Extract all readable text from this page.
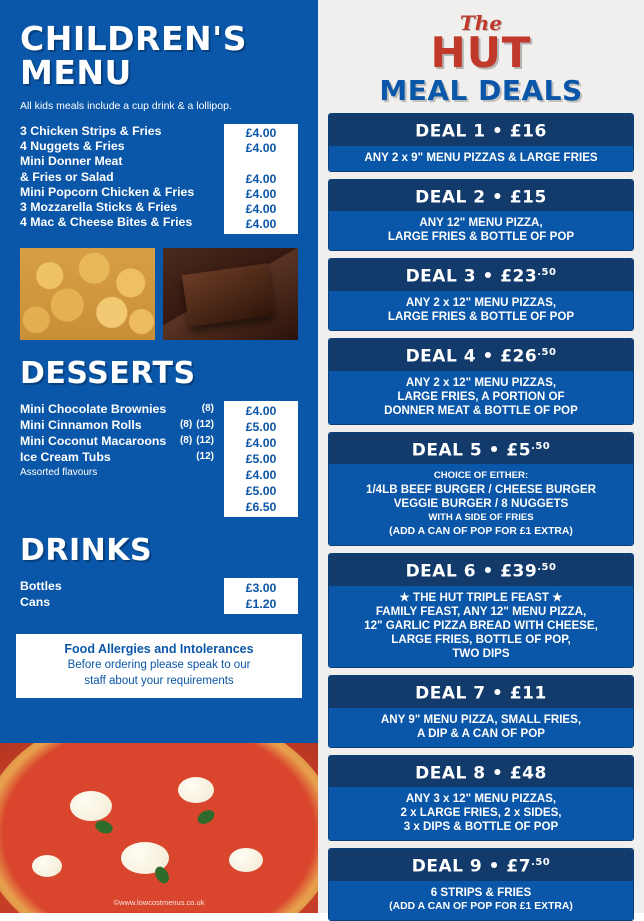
CHILDREN'S MENU
All kids meals include a cup drink & a lollipop.
3 Chicken Strips & Fries
4 Nuggets & Fries
Mini Donner Meat
& Fries or Salad
Mini Popcorn Chicken & Fries
3 Mozzarella Sticks & Fries
4 Mac & Cheese Bites & Fries
£4.00
£4.00

£4.00
£4.00
£4.00
£4.00
DESSERTS
(8)
Mini Chocolate Brownies
(12)
(8)
Mini Cinnamon Rolls
(12)
(8)
Mini Coconut Macaroons
(12)
Ice Cream Tubs
Assorted flavours
£4.00
£5.00
£4.00
£5.00
£4.00
£5.00
£6.50
DRINKS
Bottles
Cans
£3.00
£1.20
Food Allergies and Intolerances
Before ordering please speak to our
staff about your requirements
©www.lowcostmenus.co.uk
The
HUT
MEAL DEALS
DEAL 1 • £16
ANY 2 x 9" MENU PIZZAS & LARGE FRIES
DEAL 2 • £15
ANY 12" MENU PIZZA,
LARGE FRIES & BOTTLE OF POP
DEAL 3 • $£23^{.50}$
ANY 2 x 12" MENU PIZZAS,
LARGE FRIES & BOTTLE OF POP
DEAL 4 • $£26^{.50}$
ANY 2 x 12" MENU PIZZAS,
LARGE FRIES, A PORTION OF
DONNER MEAT & BOTTLE OF POP
DEAL 5 • $£5^{.50}$
CHOICE OF EITHER:
1/4LB BEEF BURGER / CHEESE BURGER
VEGGIE BURGER / 8 NUGGETS
WITH A SIDE OF FRIES
(ADD A CAN OF POP FOR £1 EXTRA)
DEAL 6 • $£39^{.50}$
★ THE HUT TRIPLE FEAST ★
FAMILY FEAST, ANY 12" MENU PIZZA,
12" GARLIC PIZZA BREAD WITH CHEESE,
LARGE FRIES, BOTTLE OF POP,
TWO DIPS
DEAL 7 • £11
ANY 9" MENU PIZZA, SMALL FRIES,
A DIP & A CAN OF POP
DEAL 8 • £48
ANY 3 x 12" MENU PIZZAS,
2 x LARGE FRIES, 2 x SIDES,
3 x DIPS & BOTTLE OF POP
DEAL 9 • $£7^{.50}$
6 STRIPS & FRIES
(ADD A CAN OF POP FOR £1 EXTRA)
